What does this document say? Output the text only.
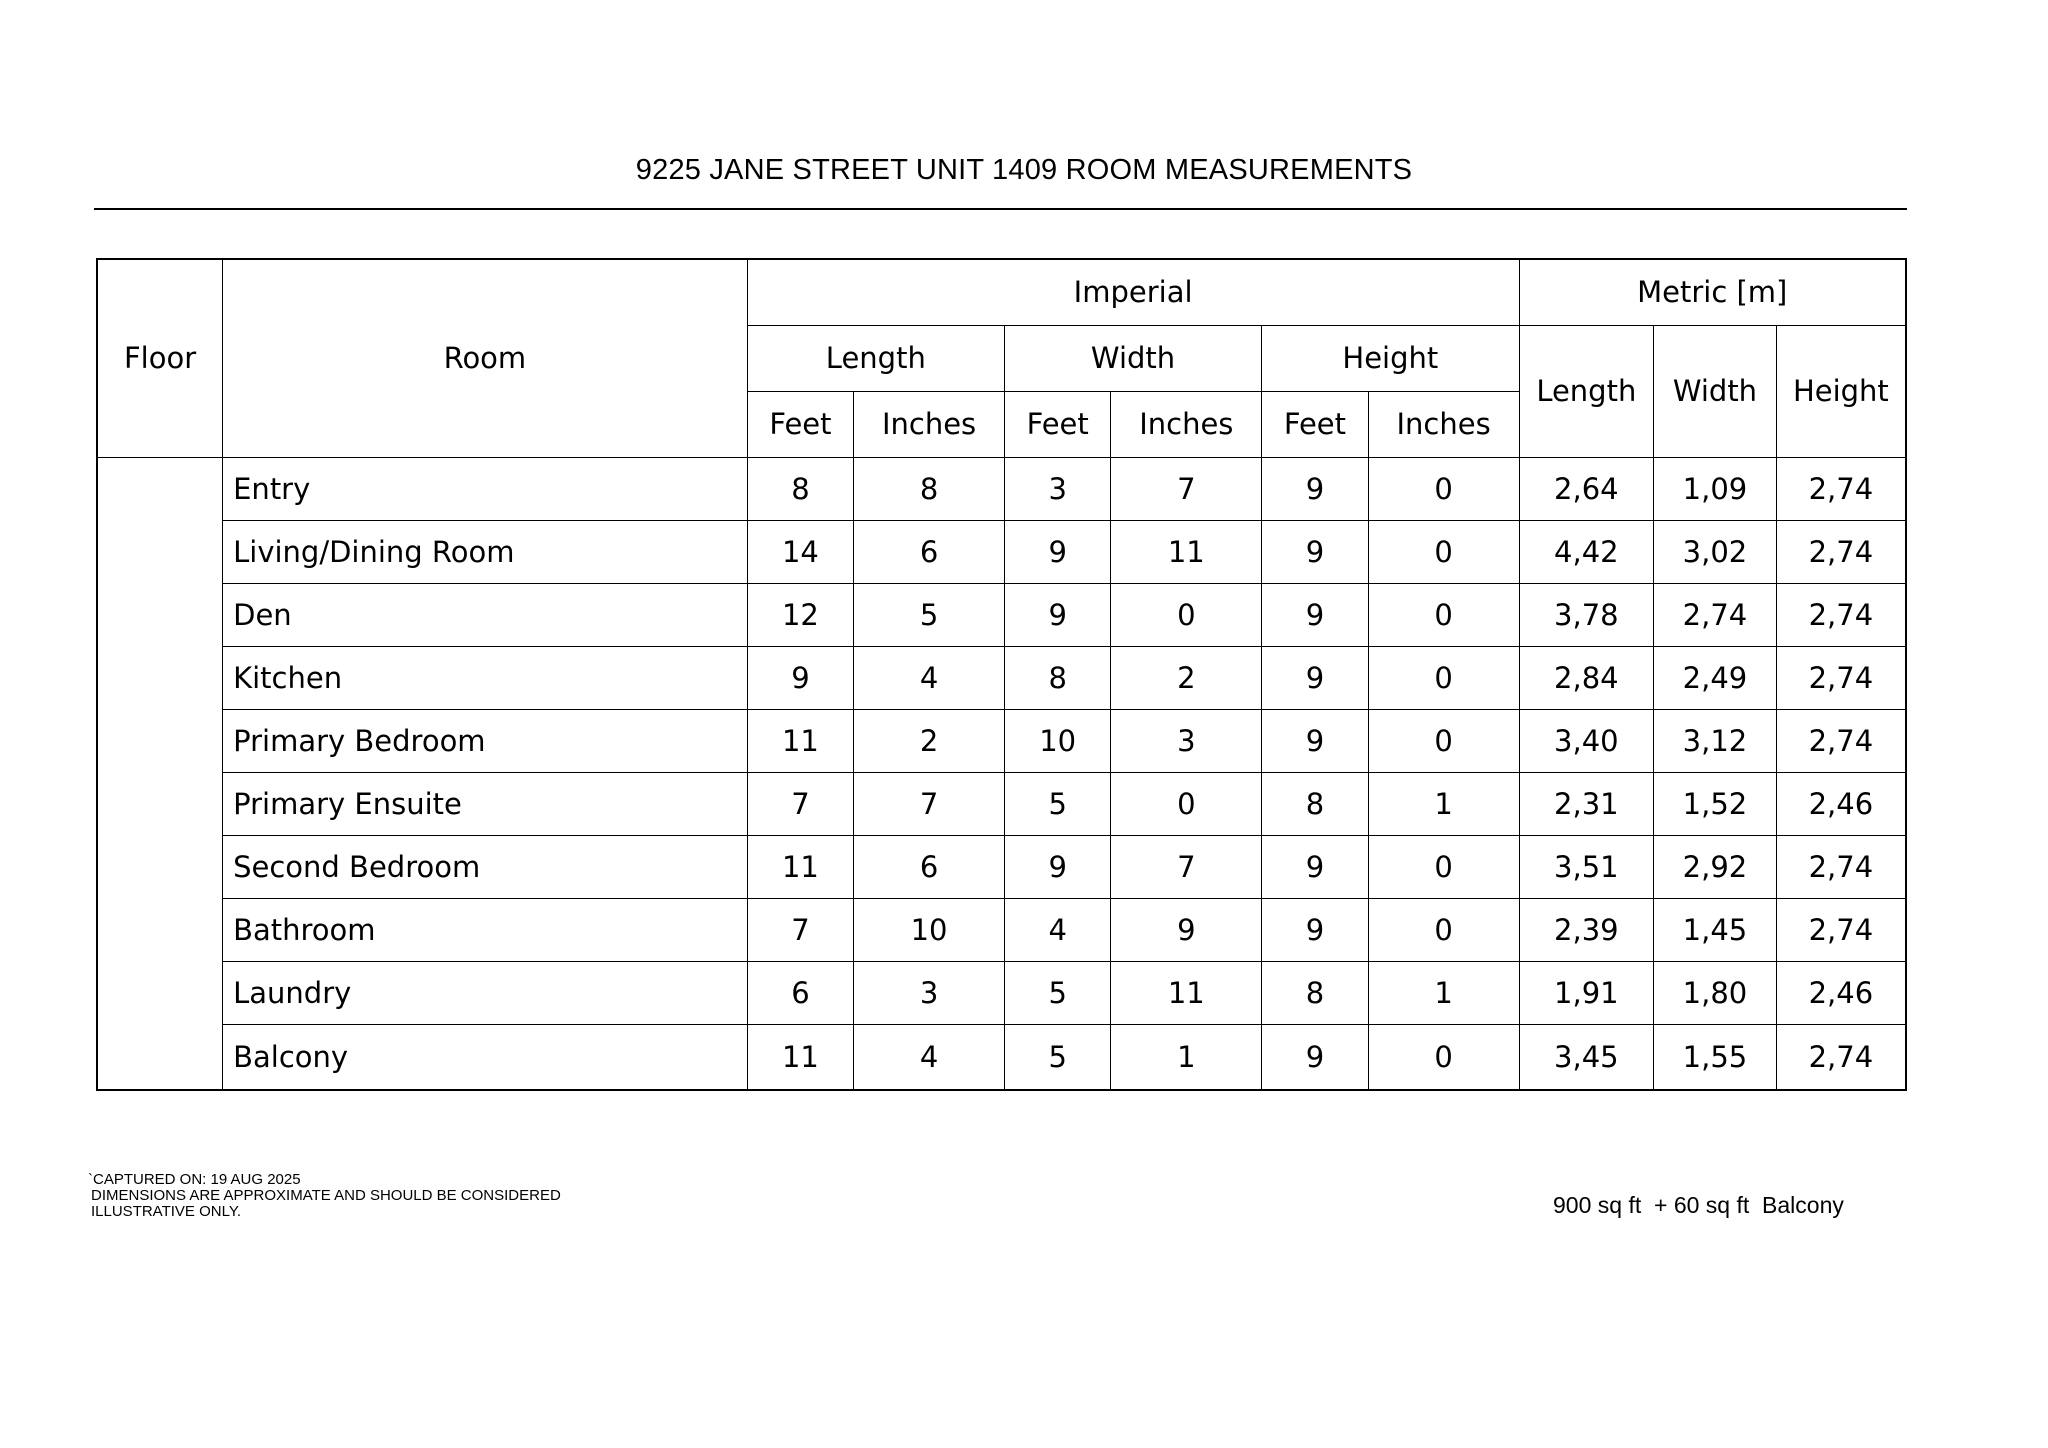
9225 JANE STREET UNIT 1409 ROOM MEASUREMENTS
Floor	Room	Imperial						Metric [m]		
		Length		Width		Height		Length	Width	Height
		Feet	Inches	Feet	Inches	Feet	Inches			
	Entry	8	8	3	7	9	0	2,64	1,09	2,74
	Living/Dining Room	14	6	9	11	9	0	4,42	3,02	2,74
	Den	12	5	9	0	9	0	3,78	2,74	2,74
	Kitchen	9	4	8	2	9	0	2,84	2,49	2,74
	Primary Bedroom	11	2	10	3	9	0	3,40	3,12	2,74
	Primary Ensuite	7	7	5	0	8	1	2,31	1,52	2,46
	Second Bedroom	11	6	9	7	9	0	3,51	2,92	2,74
	Bathroom	7	10	4	9	9	0	2,39	1,45	2,74
	Laundry	6	3	5	11	8	1	1,91	1,80	2,46
	Balcony	11	4	5	1	9	0	3,45	1,55	2,74
`CAPTURED ON: 19 AUG 2025
DIMENSIONS ARE APPROXIMATE AND SHOULD BE CONSIDERED
ILLUSTRATIVE ONLY.	900 sq ft  + 60 sq ft  Balcony
